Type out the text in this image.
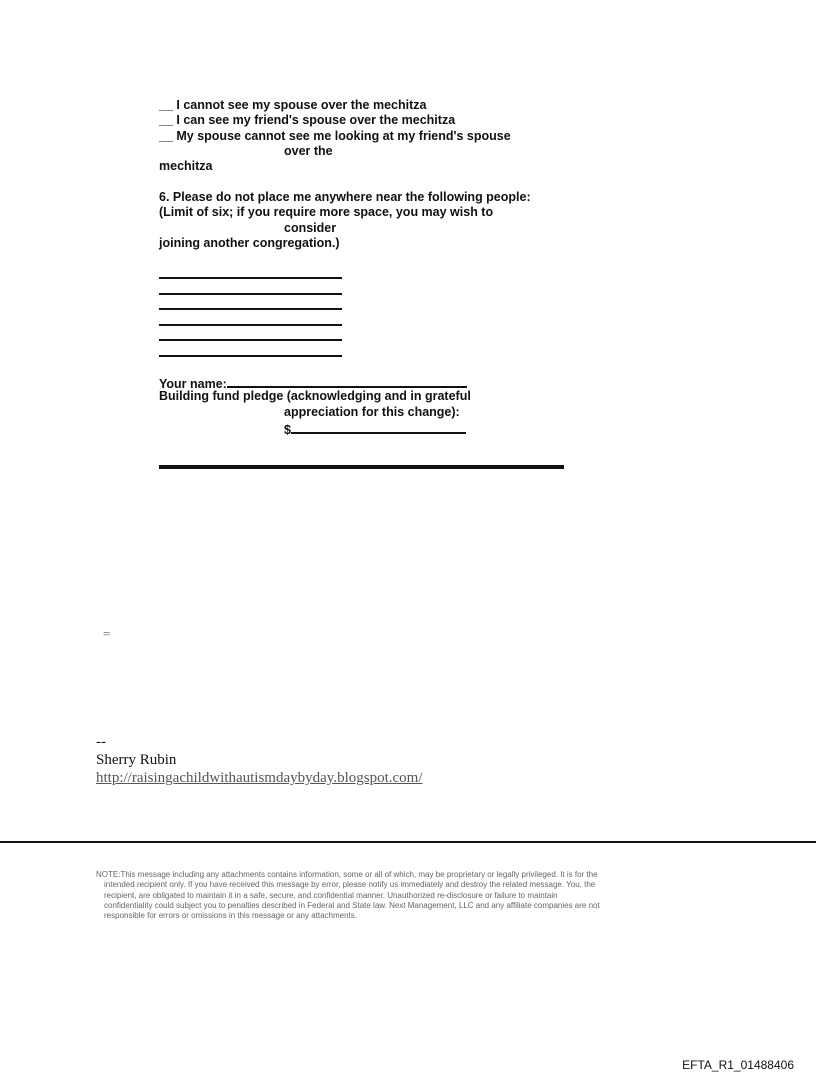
__ I cannot see my spouse over the mechitza
__ I can see my friend's spouse over the mechitza
__ My spouse cannot see me looking at my friend's spouse
over the
mechitza
6. Please do not place me anywhere near the following people:
(Limit of six; if you require more space, you may wish to
consider
joining another congregation.)
Your name:
Building fund pledge (acknowledging and in grateful
appreciation for this change):
$
=
--
Sherry Rubin
http://raisingachildwithautismdaybyday.blogspot.com/
NOTE:This message including any attachments contains information, some or all of which, may be proprietary or legally privileged. It is for the
intended recipient only. If you have received this message by error, please notify us immediately and destroy the related message. You, the
recipient, are obligated to maintain it in a safe, secure, and confidential manner. Unauthorized re-disclosure or failure to maintain
confidentiality could subject you to penalties described in Federal and State law. Next Management, LLC and any affiliate companies are not
responsible for errors or omissions in this message or any attachments.
EFTA_R1_01488406
